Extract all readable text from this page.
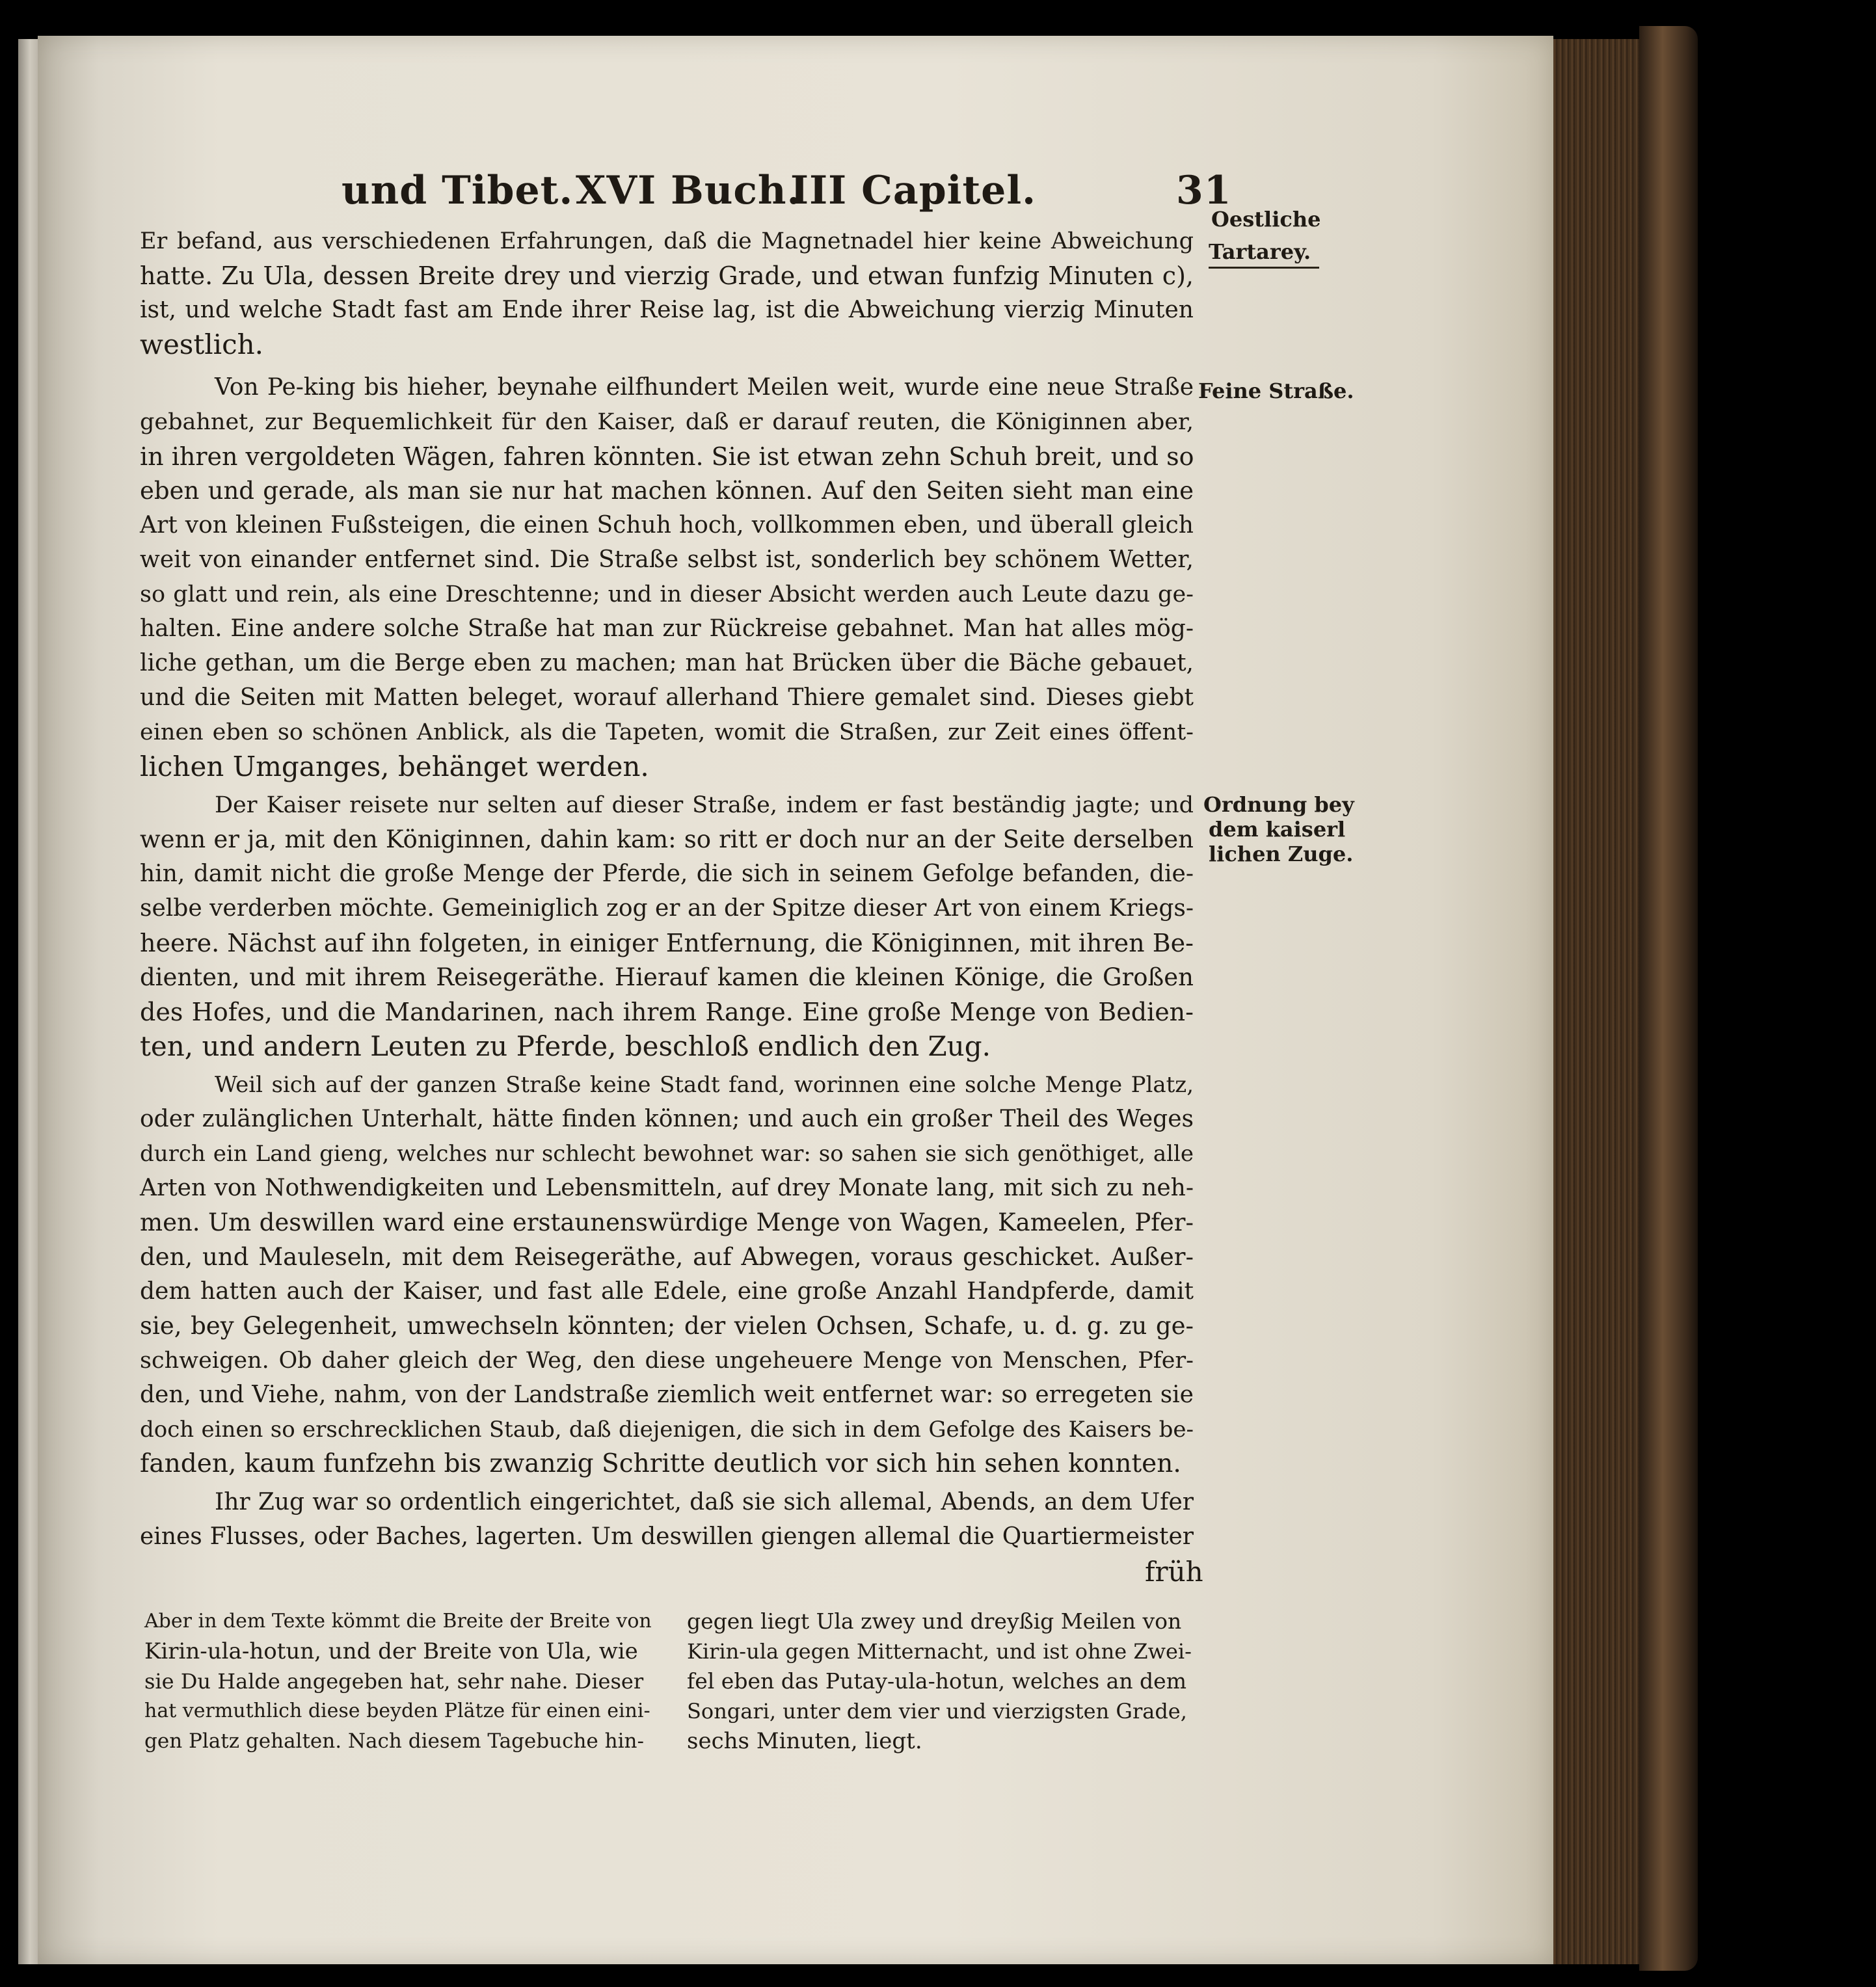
und Tibet. XVI Buch.
III Capitel.	31
Oestliche
Tartarey.
Feine Straße.
Ordnung bey
dem kaiserl
lichen Zuge.
Er befand, aus verschiedenen Erfahrungen, daß die Magnetnadel hier keine Abweichung
hatte. Zu Ula, dessen Breite drey und vierzig Grade, und etwan funfzig Minuten c),
ist, und welche Stadt fast am Ende ihrer Reise lag, ist die Abweichung vierzig Minuten
westlich.
Von Pe-king bis hieher, beynahe eilfhundert Meilen weit, wurde eine neue Straße
gebahnet, zur Bequemlichkeit für den Kaiser, daß er darauf reuten, die Königinnen aber,
in ihren vergoldeten Wägen, fahren könnten. Sie ist etwan zehn Schuh breit, und so
eben und gerade, als man sie nur hat machen können. Auf den Seiten sieht man eine
Art von kleinen Fußsteigen, die einen Schuh hoch, vollkommen eben, und überall gleich
weit von einander entfernet sind. Die Straße selbst ist, sonderlich bey schönem Wetter,
so glatt und rein, als eine Dreschtenne; und in dieser Absicht werden auch Leute dazu ge-
halten. Eine andere solche Straße hat man zur Rückreise gebahnet. Man hat alles mög-
liche gethan, um die Berge eben zu machen; man hat Brücken über die Bäche gebauet,
und die Seiten mit Matten beleget, worauf allerhand Thiere gemalet sind. Dieses giebt
einen eben so schönen Anblick, als die Tapeten, womit die Straßen, zur Zeit eines öffent-
lichen Umganges, behänget werden.
Der Kaiser reisete nur selten auf dieser Straße, indem er fast beständig jagte; und
wenn er ja, mit den Königinnen, dahin kam: so ritt er doch nur an der Seite derselben
hin, damit nicht die große Menge der Pferde, die sich in seinem Gefolge befanden, die-
selbe verderben möchte. Gemeiniglich zog er an der Spitze dieser Art von einem Kriegs-
heere. Nächst auf ihn folgeten, in einiger Entfernung, die Königinnen, mit ihren Be-
dienten, und mit ihrem Reisegeräthe. Hierauf kamen die kleinen Könige, die Großen
des Hofes, und die Mandarinen, nach ihrem Range. Eine große Menge von Bedien-
ten, und andern Leuten zu Pferde, beschloß endlich den Zug.
Weil sich auf der ganzen Straße keine Stadt fand, worinnen eine solche Menge Platz,
oder zulänglichen Unterhalt, hätte finden können; und auch ein großer Theil des Weges
durch ein Land gieng, welches nur schlecht bewohnet war: so sahen sie sich genöthiget, alle
Arten von Nothwendigkeiten und Lebensmitteln, auf drey Monate lang, mit sich zu neh-
men. Um deswillen ward eine erstaunenswürdige Menge von Wagen, Kameelen, Pfer-
den, und Mauleseln, mit dem Reisegeräthe, auf Abwegen, voraus geschicket. Außer-
dem hatten auch der Kaiser, und fast alle Edele, eine große Anzahl Handpferde, damit
sie, bey Gelegenheit, umwechseln könnten; der vielen Ochsen, Schafe, u. d. g. zu ge-
schweigen. Ob daher gleich der Weg, den diese ungeheuere Menge von Menschen, Pfer-
den, und Viehe, nahm, von der Landstraße ziemlich weit entfernet war: so erregeten sie
doch einen so erschrecklichen Staub, daß diejenigen, die sich in dem Gefolge des Kaisers be-
fanden, kaum funfzehn bis zwanzig Schritte deutlich vor sich hin sehen konnten.
Ihr Zug war so ordentlich eingerichtet, daß sie sich allemal, Abends, an dem Ufer
eines Flusses, oder Baches, lagerten. Um deswillen giengen allemal die Quartiermeister
früh
Aber in dem Texte kömmt die Breite der Breite von
Kirin-ula-hotun, und der Breite von Ula, wie
sie Du Halde angegeben hat, sehr nahe. Dieser
hat vermuthlich diese beyden Plätze für einen eini-
gen Platz gehalten. Nach diesem Tagebuche hin-
gegen liegt Ula zwey und dreyßig Meilen von
Kirin-ula gegen Mitternacht, und ist ohne Zwei-
fel eben das Putay-ula-hotun, welches an dem
Songari, unter dem vier und vierzigsten Grade,
sechs Minuten, liegt.
